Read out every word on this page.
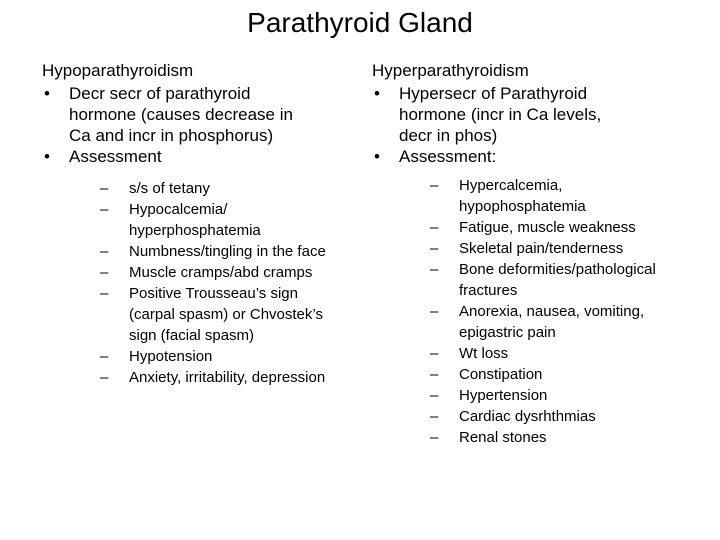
Parathyroid Gland
Hypoparathyroidism
• Decr secr of parathyroid
hormone (causes decrease in
Ca and incr in phosphorus)
• Assessment
– s/s of tetany
– Hypocalcemia/
hyperphosphatemia
– Numbness/tingling in the face
– Muscle cramps/abd cramps
– Positive Trousseau’s sign
(carpal spasm) or Chvostek’s
sign (facial spasm)
– Hypotension
– Anxiety, irritability, depression
Hyperparathyroidism
• Hypersecr of Parathyroid
hormone (incr in Ca levels,
decr in phos)
• Assessment:
– Hypercalcemia,
hypophosphatemia
– Fatigue, muscle weakness
– Skeletal pain/tenderness
– Bone deformities/pathological
fractures
– Anorexia, nausea, vomiting,
epigastric pain
– Wt loss
– Constipation
– Hypertension
– Cardiac dysrhthmias
– Renal stones
